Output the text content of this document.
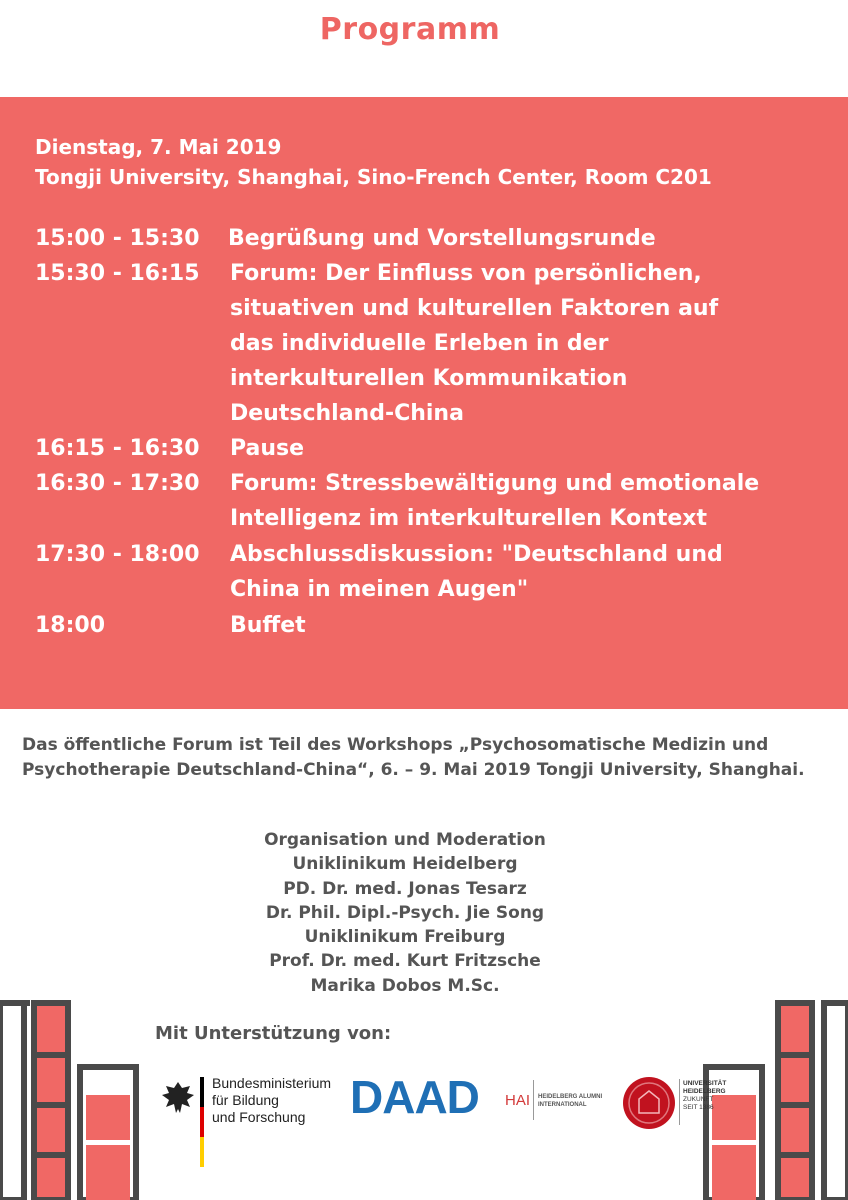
Programm
Dienstag, 7. Mai 2019
Tongji University, Shanghai, Sino-French Center, Room C201
15:00 - 15:30 Begrüßung und Vorstellungsrunde
15:30 - 16:15 Forum: Der Einfluss von persönlichen,
situativen und kulturellen Faktoren auf
das individuelle Erleben in der
interkulturellen Kommunikation
Deutschland-China
16:15 - 16:30 Pause
16:30 - 17:30 Forum: Stressbewältigung und emotionale
Intelligenz im interkulturellen Kontext
17:30 - 18:00 Abschlussdiskussion: "Deutschland und
China in meinen Augen"
18:00	Buffet
Das öffentliche Forum ist Teil des Workshops „Psychosomatische Medizin und Psychotherapie Deutschland-China“, 6. – 9. Mai 2019 Tongji University, Shanghai.
Organisation und Moderation
Uniklinikum Heidelberg
PD. Dr. med. Jonas Tesarz
Dr. Phil. Dipl.-Psych. Jie Song
Uniklinikum Freiburg
Prof. Dr. med. Kurt Fritzsche
Marika Dobos M.Sc.
Mit Unterstützung von:
Bundesministerium
für Bildung
und Forschung DAAD HAI HEIDELBERG ALUMNI
INTERNATIONAL
UNIVERSITÄT
HEIDELBERG
ZUKUNFT
SEIT 1386
